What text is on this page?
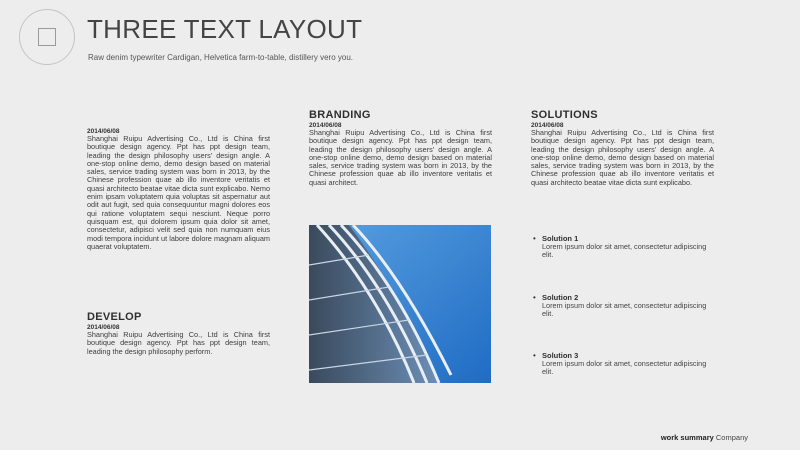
THREE TEXT LAYOUT
Raw denim typewriter Cardigan, Helvetica farm-to-table, distillery vero you.
2014/06/08
Shanghai Ruipu Advertising Co., Ltd is China first boutique design agency. Ppt has ppt design team, leading the design philosophy users' design angle. A one-stop online demo, demo design based on material sales, service trading system was born in 2013, by the Chinese profession quae ab illo inventore veritatis et quasi architecto beatae vitae dicta sunt explicabo. Nemo enim ipsam voluptatem quia voluptas sit aspernatur aut odit aut fugit, sed quia consequuntur magni dolores eos qui ratione voluptatem sequi nesciunt. Neque porro quisquam est, qui dolorem ipsum quia dolor sit amet, consectetur, adipisci velit sed quia non numquam eius modi tempora incidunt ut labore dolore magnam aliquam quaerat voluptatem.
DEVELOP
2014/06/08
Shanghai Ruipu Advertising Co., Ltd is China first boutique design agency. Ppt has ppt design team, leading the design philosophy perform.
BRANDING
2014/06/08
Shanghai Ruipu Advertising Co., Ltd is China first boutique design agency. Ppt has ppt design team, leading the design philosophy users' design angle. A one-stop online demo, demo design based on material sales, service trading system was born in 2013, by the Chinese profession quae ab illo inventore veritatis et quasi architect.
SOLUTIONS
2014/06/08
Shanghai Ruipu Advertising Co., Ltd is China first boutique design agency. Ppt has ppt design team, leading the design philosophy users' design angle. A one-stop online demo, demo design based on material sales, service trading system was born in 2013, by the Chinese profession quae ab illo inventore veritatis et quasi architecto beatae vitae dicta sunt explicabo.
• Solution 1
Lorem ipsum dolor sit amet, consectetur adipiscing elit.
• Solution 2
Lorem ipsum dolor sit amet, consectetur adipiscing elit.
• Solution 3
Lorem ipsum dolor sit amet, consectetur adipiscing elit.
work summary Company
